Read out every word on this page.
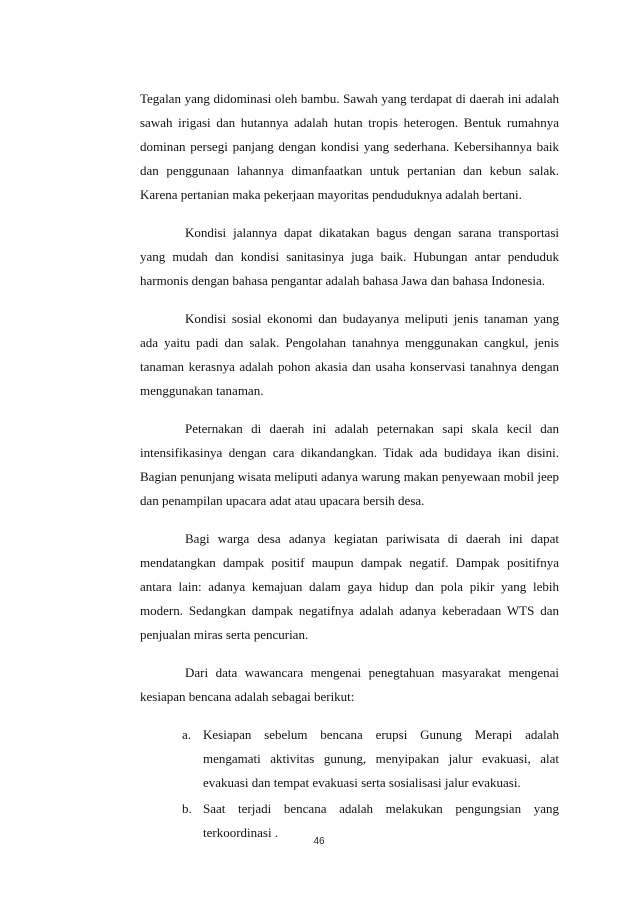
Tegalan yang didominasi oleh bambu. Sawah yang terdapat di daerah ini adalah sawah irigasi dan hutannya adalah hutan tropis heterogen. Bentuk rumahnya dominan persegi panjang dengan kondisi yang sederhana. Kebersihannya baik dan penggunaan lahannya dimanfaatkan untuk pertanian dan kebun salak. Karena pertanian maka pekerjaan mayoritas penduduknya adalah bertani.

Kondisi jalannya dapat dikatakan bagus dengan sarana transportasi yang mudah dan kondisi sanitasinya juga baik. Hubungan antar penduduk harmonis dengan bahasa pengantar adalah bahasa Jawa dan bahasa Indonesia.

Kondisi sosial ekonomi dan budayanya meliputi jenis tanaman yang ada yaitu padi dan salak. Pengolahan tanahnya menggunakan cangkul, jenis tanaman kerasnya adalah pohon akasia dan usaha konservasi tanahnya dengan menggunakan tanaman.

Peternakan di daerah ini adalah peternakan sapi skala kecil dan intensifikasinya dengan cara dikandangkan. Tidak ada budidaya ikan disini. Bagian penunjang wisata meliputi adanya warung makan penyewaan mobil jeep dan penampilan upacara adat atau upacara bersih desa.

Bagi warga desa adanya kegiatan pariwisata di daerah ini dapat mendatangkan dampak positif maupun dampak negatif. Dampak positifnya antara lain: adanya kemajuan dalam gaya hidup dan pola pikir yang lebih modern. Sedangkan dampak negatifnya adalah adanya keberadaan WTS dan penjualan miras serta pencurian.

Dari data wawancara mengenai penegtahuan masyarakat mengenai kesiapan bencana adalah sebagai berikut:

a. Kesiapan sebelum bencana erupsi Gunung Merapi adalah mengamati aktivitas gunung, menyipakan jalur evakuasi, alat evakuasi dan tempat evakuasi serta sosialisasi jalur evakuasi.
b. Saat terjadi bencana adalah melakukan pengungsian yang terkoordinasi .
46
